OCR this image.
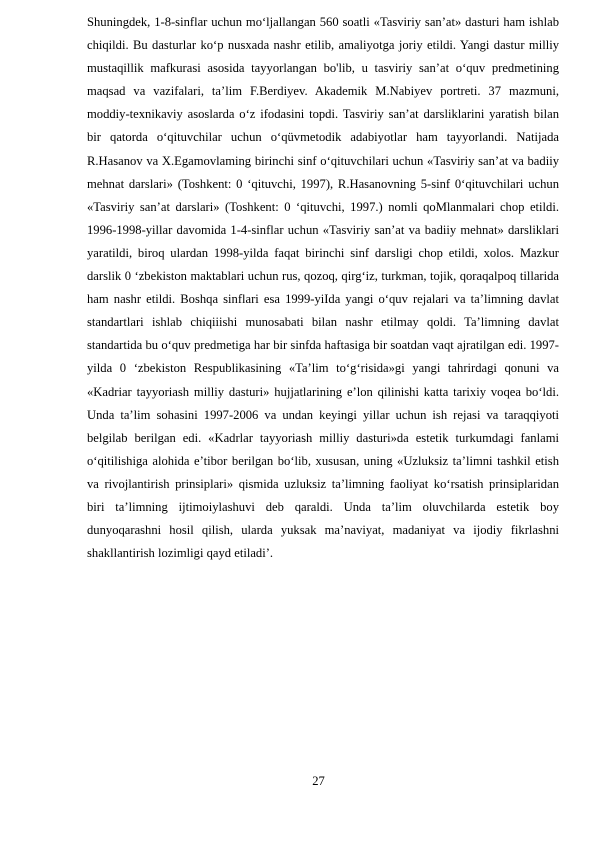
Shuningdek, 1-8-sinflar uchun mo‘ljallangan 560 soatli «Tasviriy san’at» dasturi ham ishlab chiqildi. Bu dasturlar ko‘p nusxada nashr etilib, amaliyotga joriy etildi. Yangi dastur milliy mustaqillik mafkurasi asosida tayyorlangan bo'lib, u tasviriy san’at o‘quv predmetining maqsad va vazifalari, ta’lim F.Berdiyev. Akademik M.Nabiyev portreti. 37 mazmuni, moddiy-texnikaviy asoslarda o‘z ifodasini topdi. Tasviriy san’at darsliklarini yaratish bilan bir qatorda o‘qituvchilar uchun o‘qüvmetodik adabiyotlar ham tayyorlandi. Natijada R.Hasanov va X.Egamovlaming birinchi sinf o‘qituvchilari uchun «Tasviriy san’at va badiiy mehnat darslari» (Toshkent: 0 ‘qituvchi, 1997), R.Hasanovning 5-sinf 0‘qituvchilari uchun «Tasviriy san’at darslari» (Toshkent: 0 ‘qituvchi, 1997.) nomli qoMlanmalari chop etildi. 1996-1998-yillar davomida 1-4-sinflar uchun «Tasviriy san’at va badiiy mehnat» darsliklari yaratildi, biroq ulardan 1998-yilda faqat birinchi sinf darsligi chop etildi, xolos. Mazkur darslik 0 ‘zbekiston maktablari uchun rus, qozoq, qirg‘iz, turkman, tojik, qoraqalpoq tillarida ham nashr etildi. Boshqa sinflari esa 1999-yiIda yangi o‘quv rejalari va ta’limning davlat standartlari ishlab chiqiiishi munosabati bilan nashr etilmay qoldi. Ta’limning davlat standartida bu o‘quv predmetiga har bir sinfda haftasiga bir soatdan vaqt ajratilgan edi. 1997-yilda 0 ‘zbekiston Respublikasining «Ta’lim to‘g‘risida»gi yangi tahrirdagi qonuni va «Kadriar tayyoriash milliy dasturi» hujjatlarining e’lon qilinishi katta tarixiy voqea bo‘ldi. Unda ta’lim sohasini 1997-2006 va undan keyingi yillar uchun ish rejasi va taraqqiyoti belgilab berilgan edi. «Kadrlar tayyoriash milliy dasturi»da estetik turkumdagi fanlami o‘qitilishiga alohida e’tibor berilgan bo‘lib, xususan, uning «Uzluksiz ta’limni tashkil etish va rivojlantirish prinsiplari» qismida uzluksiz ta’limning faoliyat ko‘rsatish prinsiplaridan biri ta’limning ijtimoiylashuvi deb qaraldi. Unda ta’lim oluvchilarda estetik boy dunyoqarashni hosil qilish, ularda yuksak ma’naviyat, madaniyat va ijodiy fikrlashni shakllantirish lozimligi qayd etiladi’.

27
